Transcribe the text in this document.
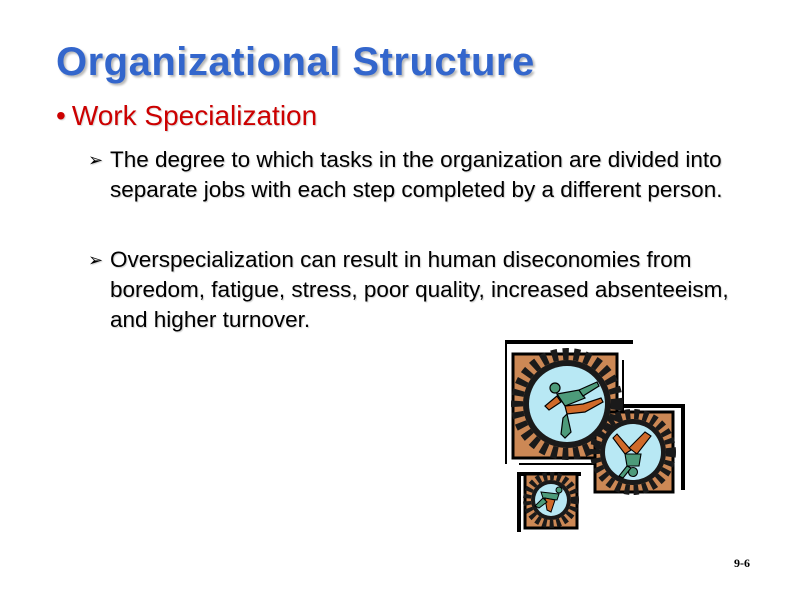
Organizational Structure
• Work Specialization
➢ The degree to which tasks in the organization are divided into separate jobs with each step completed by a different person.
➢ Overspecialization can result in human diseconomies from boredom, fatigue, stress, poor quality, increased absenteeism, and higher turnover.
9-6
